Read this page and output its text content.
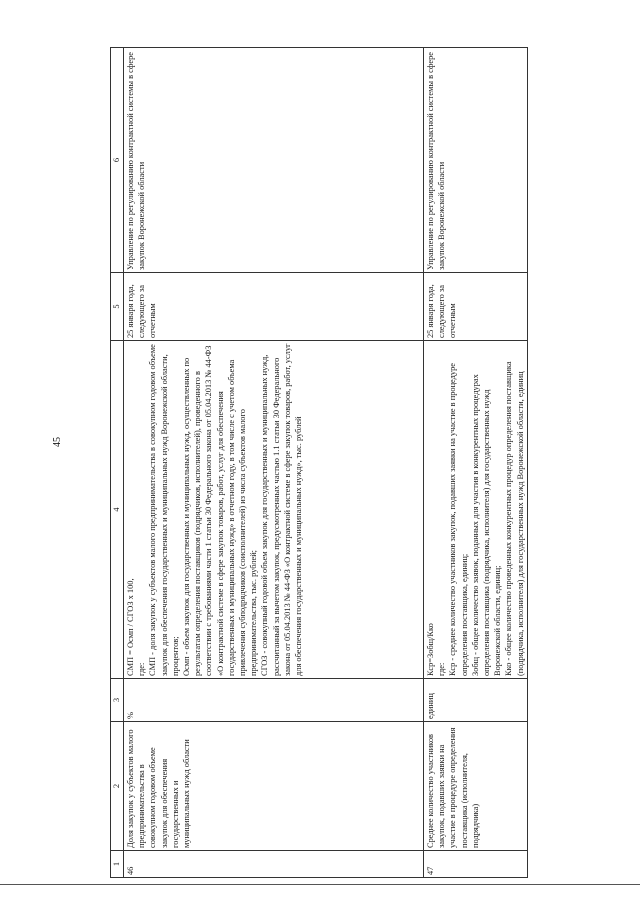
45
1	2	3	4	5	6
46	Доля закупок у субъектов малого предпринимательства в совокупном годовом объеме закупок для обеспечения государственных и муниципальных нужд области	%	СМП = Осмп / СГОЗ х 100, где: СМП - доля закупок у субъектов малого предпринимательства в совокупном годовом объеме закупок для обеспечения государственных и муниципальных нужд Воронежской области, процентов; Осмп - объем закупок для государственных и муниципальных нужд, осуществленных по результатам определения поставщиков (подрядчиков, исполнителей), проведенного в соответствии с требованиями части 1 статьи 30 Федерального закона от 05.04.2013 № 44-ФЗ «О контрактной системе в сфере закупок товаров, работ, услуг для обеспечения государственных и муниципальных нужд» в отчетном году, в том числе с учетом объема привлечения субподрядчиков (соисполнителей) из числа субъектов малого предпринимательства, тыс. рублей; СГОЗ - совокупный годовой объем закупок для государственных и муниципальных нужд, рассчитанный за вычетом закупок, предусмотренных частью 1.1 статьи 30 Федерального закона от 05.04.2013 № 44-ФЗ «О контрактной системе в сфере закупок товаров, работ, услуг для обеспечения государственных и муниципальных нужд», тыс. рублей	25 января года, следующего за отчетным	Управление по регулированию контрактной системы в сфере закупок Воронежской области
47	Среднее количество участников закупок, подавших заявки на участие в процедуре определения поставщика (исполнителя, подрядчика)	единиц	Кср=Зобщ/Кко где: Кср - среднее количество участников закупок, подавших заявки на участие в процедуре определения поставщика, единиц; Зобщ - общее количество заявок, поданных для участия в конкурентных процедурах определения поставщика (подрядчика, исполнителя) для государственных нужд Воронежской области, единиц; Кко - общее количество проведенных конкурентных процедур определения поставщика (подрядчика, исполнителя) для государственных нужд Воронежской области, единиц	25 января года, следующего за отчетным	Управление по регулированию контрактной системы в сфере закупок Воронежской области
